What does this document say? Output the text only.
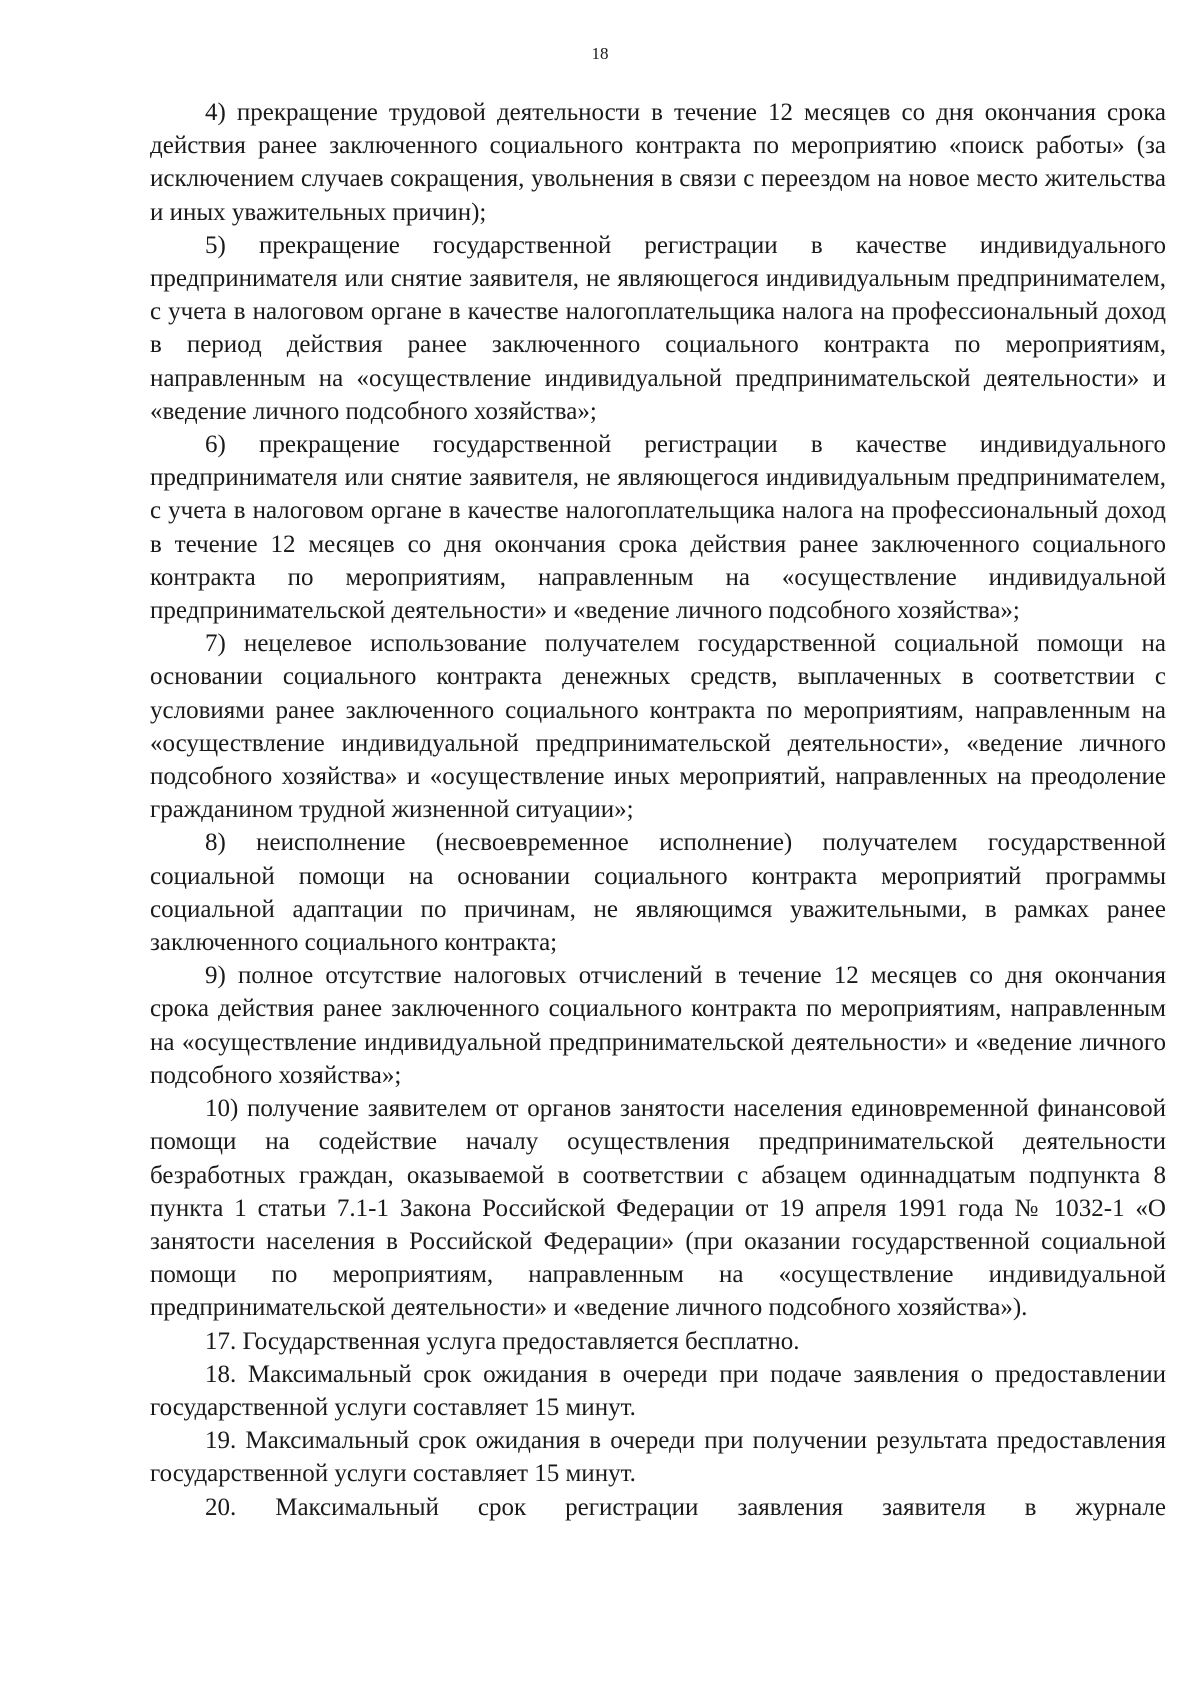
18

4) прекращение трудовой деятельности в течение 12 месяцев со дня окончания срока действия ранее заключенного социального контракта по мероприятию «поиск работы» (за исключением случаев сокращения, увольнения в связи с переездом на новое место жительства и иных уважительных причин);

5) прекращение государственной регистрации в качестве индивидуального предпринимателя или снятие заявителя, не являющегося индивидуальным предпринимателем, с учета в налоговом органе в качестве налогоплательщика налога на профессиональный доход в период действия ранее заключенного социального контракта по мероприятиям, направленным на «осуществление индивидуальной предпринимательской деятельности» и «ведение личного подсобного хозяйства»;

6) прекращение государственной регистрации в качестве индивидуального предпринимателя или снятие заявителя, не являющегося индивидуальным предпринимателем, с учета в налоговом органе в качестве налогоплательщика налога на профессиональный доход в течение 12 месяцев со дня окончания срока действия ранее заключенного социального контракта по мероприятиям, направленным на «осуществление индивидуальной предпринимательской деятельности» и «ведение личного подсобного хозяйства»;

7) нецелевое использование получателем государственной социальной помощи на основании социального контракта денежных средств, выплаченных в соответствии с условиями ранее заключенного социального контракта по мероприятиям, направленным на «осуществление индивидуальной предпринимательской деятельности», «ведение личного подсобного хозяйства» и «осуществление иных мероприятий, направленных на преодоление гражданином трудной жизненной ситуации»;

8) неисполнение (несвоевременное исполнение) получателем государственной социальной помощи на основании социального контракта мероприятий программы социальной адаптации по причинам, не являющимся уважительными, в рамках ранее заключенного социального контракта;

9) полное отсутствие налоговых отчислений в течение 12 месяцев со дня окончания срока действия ранее заключенного социального контракта по мероприятиям, направленным на «осуществление индивидуальной предпринимательской деятельности» и «ведение личного подсобного хозяйства»;

10) получение заявителем от органов занятости населения единовременной финансовой помощи на содействие началу осуществления предпринимательской деятельности безработных граждан, оказываемой в соответствии с абзацем одиннадцатым подпункта 8 пункта 1 статьи 7.1-1 Закона Российской Федерации от 19 апреля 1991 года № 1032-1 «О занятости населения в Российской Федерации» (при оказании государственной социальной помощи по мероприятиям, направленным на «осуществление индивидуальной предпринимательской деятельности» и «ведение личного подсобного хозяйства»).

17. Государственная услуга предоставляется бесплатно.

18. Максимальный срок ожидания в очереди при подаче заявления о предоставлении государственной услуги составляет 15 минут.

19. Максимальный срок ожидания в очереди при получении результата предоставления государственной услуги составляет 15 минут.

20. Максимальный срок регистрации заявления заявителя в журнале
